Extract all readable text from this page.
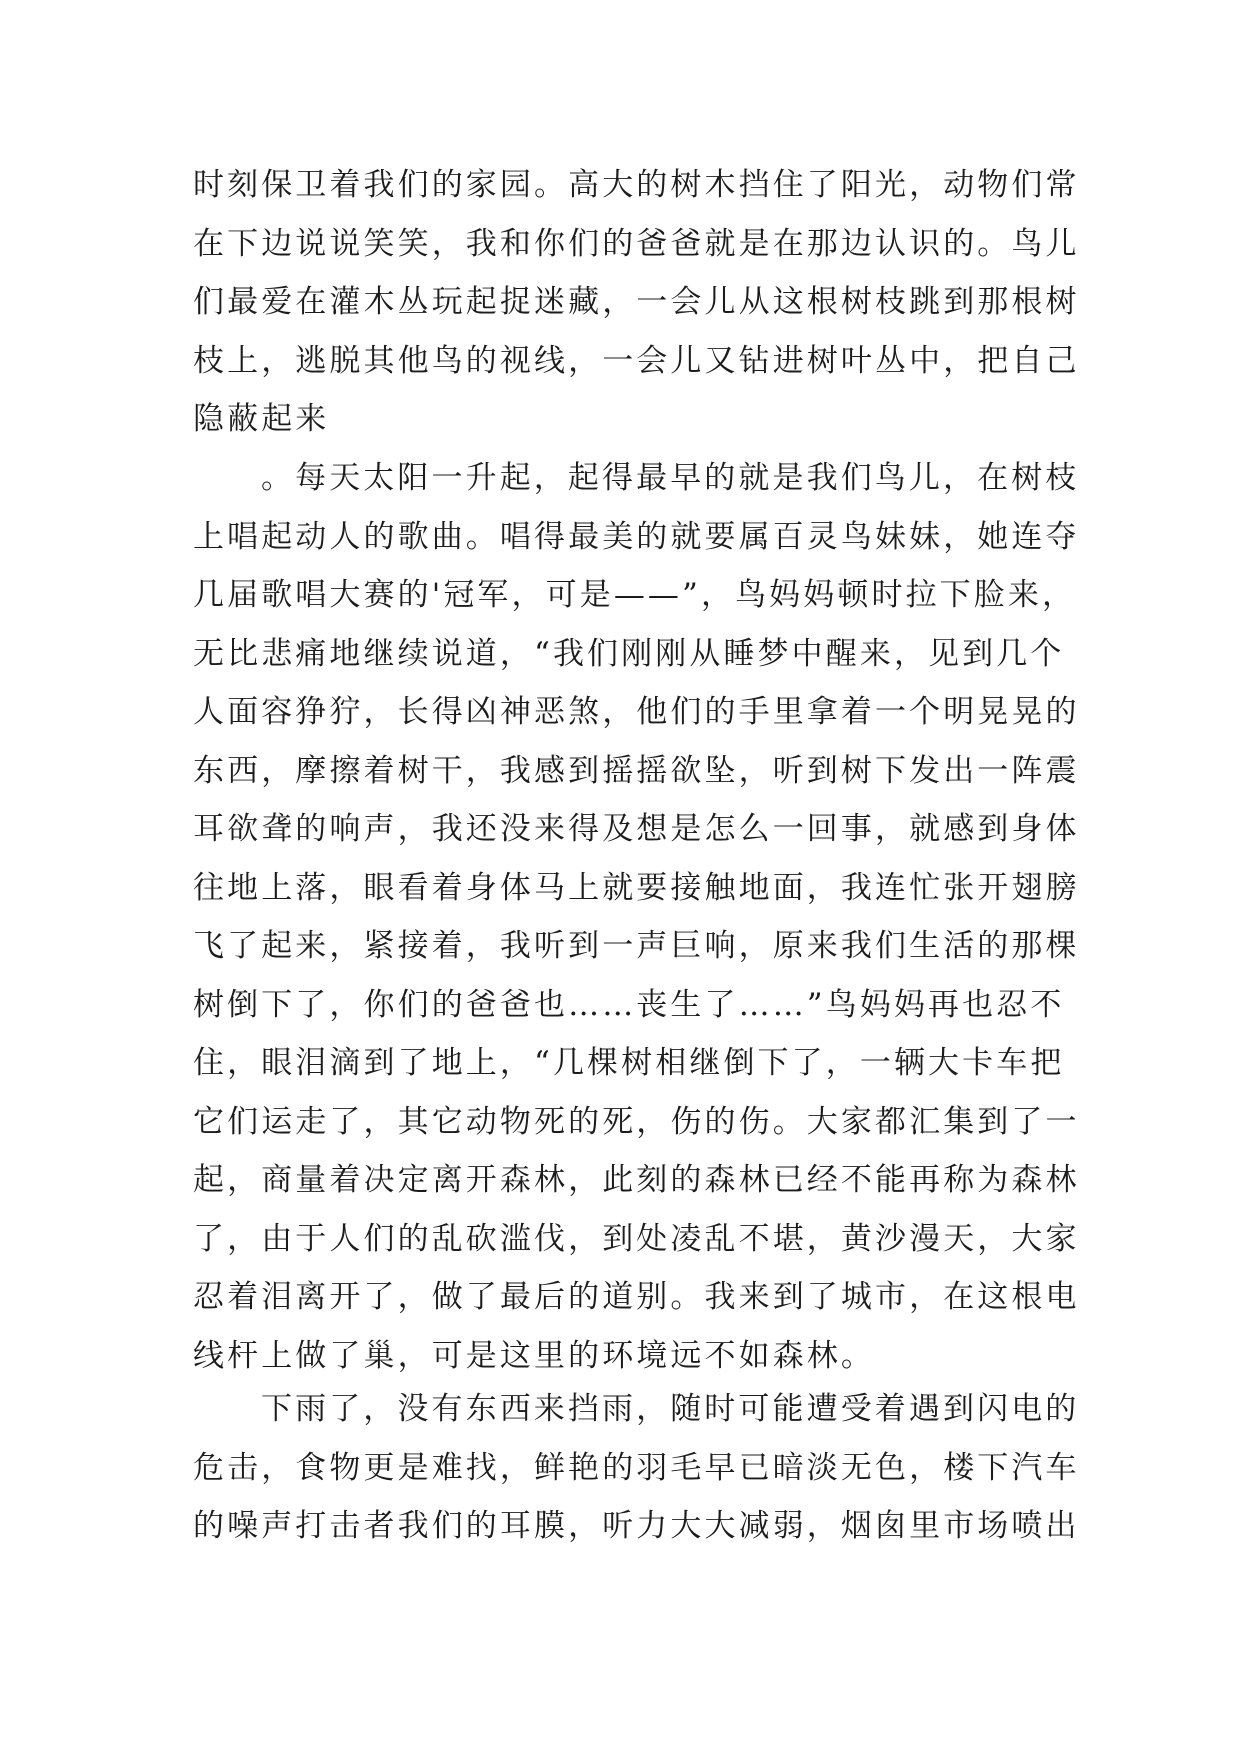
时刻保卫着我们的家园。高大的树木挡住了阳光，动物们常
在下边说说笑笑，我和你们的爸爸就是在那边认识的。鸟儿
们最爱在灌木丛玩起捉迷藏，一会儿从这根树枝跳到那根树
枝上，逃脱其他鸟的视线，一会儿又钻进树叶丛中，把自己
隐蔽起来
。每天太阳一升起，起得最早的就是我们鸟儿，在树枝
上唱起动人的歌曲。唱得最美的就要属百灵鸟妹妹，她连夺
几届歌唱大赛的'冠军，可是——”，鸟妈妈顿时拉下脸来，
无比悲痛地继续说道，“我们刚刚从睡梦中醒来，见到几个
人面容狰狞，长得凶神恶煞，他们的手里拿着一个明晃晃的
东西，摩擦着树干，我感到摇摇欲坠，听到树下发出一阵震
耳欲聋的响声，我还没来得及想是怎么一回事，就感到身体
往地上落，眼看着身体马上就要接触地面，我连忙张开翅膀
飞了起来，紧接着，我听到一声巨响，原来我们生活的那棵
树倒下了，你们的爸爸也……丧生了……”鸟妈妈再也忍不
住，眼泪滴到了地上，“几棵树相继倒下了，一辆大卡车把
它们运走了，其它动物死的死，伤的伤。大家都汇集到了一
起，商量着决定离开森林，此刻的森林已经不能再称为森林
了，由于人们的乱砍滥伐，到处凌乱不堪，黄沙漫天，大家
忍着泪离开了，做了最后的道别。我来到了城市，在这根电
线杆上做了巢，可是这里的环境远不如森林。
下雨了，没有东西来挡雨，随时可能遭受着遇到闪电的
危击，食物更是难找，鲜艳的羽毛早已暗淡无色，楼下汽车
的噪声打击者我们的耳膜，听力大大减弱，烟囱里市场喷出
